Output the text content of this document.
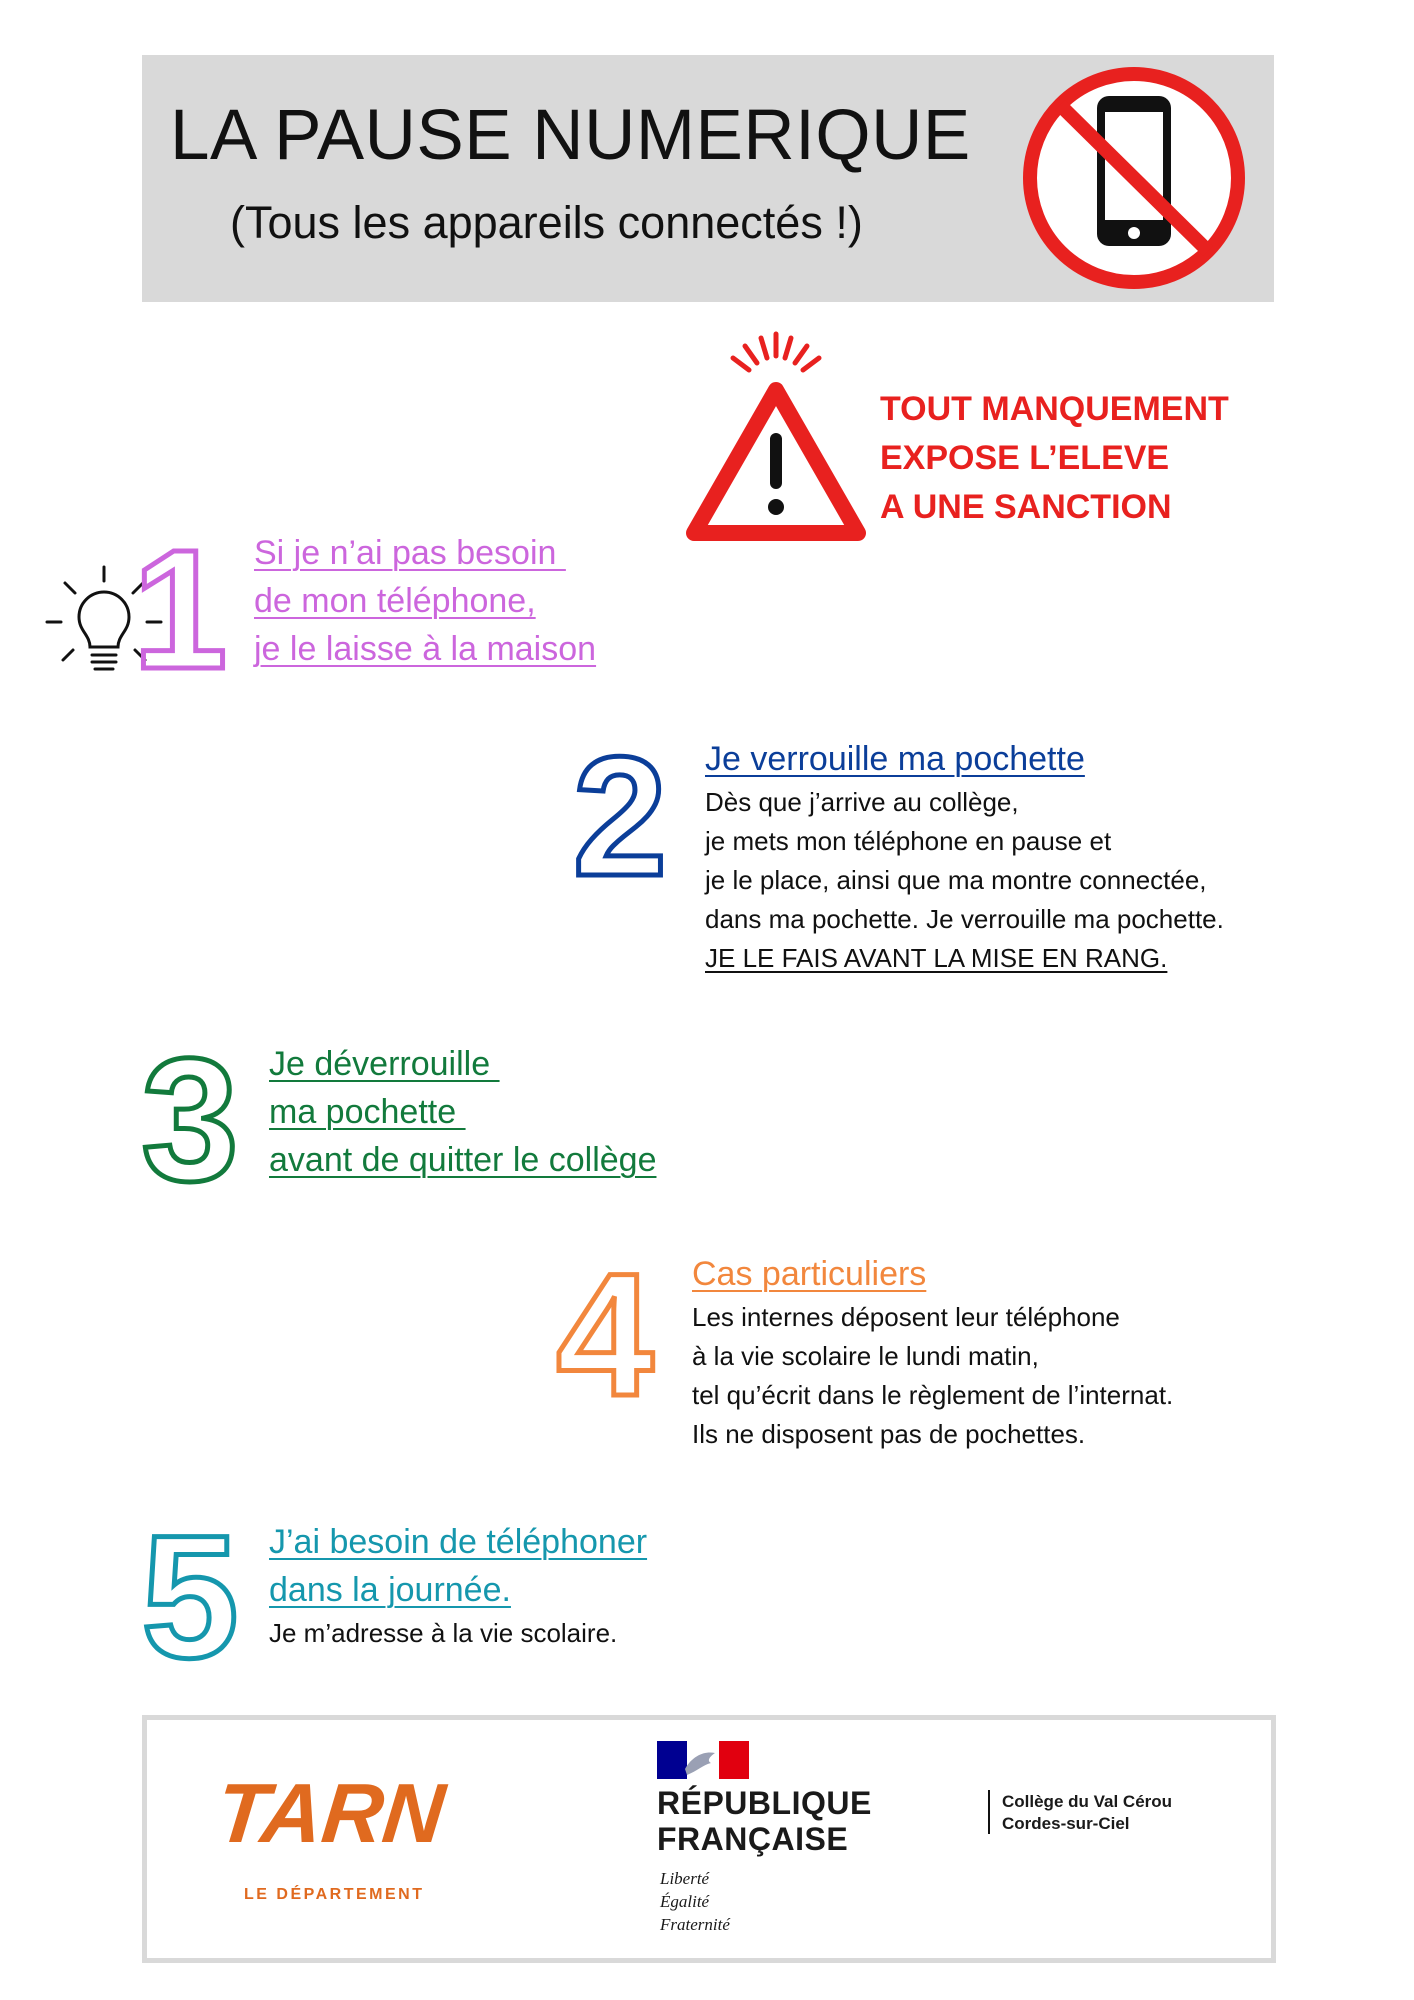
LA PAUSE NUMERIQUE
(Tous les appareils connectés !)
TOUT MANQUEMENT
EXPOSE L’ELEVE
A UNE SANCTION
1 Si je n’ai pas besoin
de mon téléphone,
je le laisse à la maison
2 Je verrouille ma pochette
Dès que j’arrive au collège,
je mets mon téléphone en pause et
je le place, ainsi que ma montre connectée,
dans ma pochette. Je verrouille ma pochette.
JE LE FAIS AVANT LA MISE EN RANG.
3 Je déverrouille
ma pochette
avant de quitter le collège
4 Cas particuliers
Les internes déposent leur téléphone
à la vie scolaire le lundi matin,
tel qu’écrit dans le règlement de l’internat.
Ils ne disposent pas de pochettes.
5 J’ai besoin de téléphoner
dans la journée.
Je m’adresse à la vie scolaire.
TARN
LE DÉPARTEMENT
RÉPUBLIQUE
FRANÇAISE
Liberté
Égalité
Fraternité
Collège du Val Cérou
Cordes-sur-Ciel
